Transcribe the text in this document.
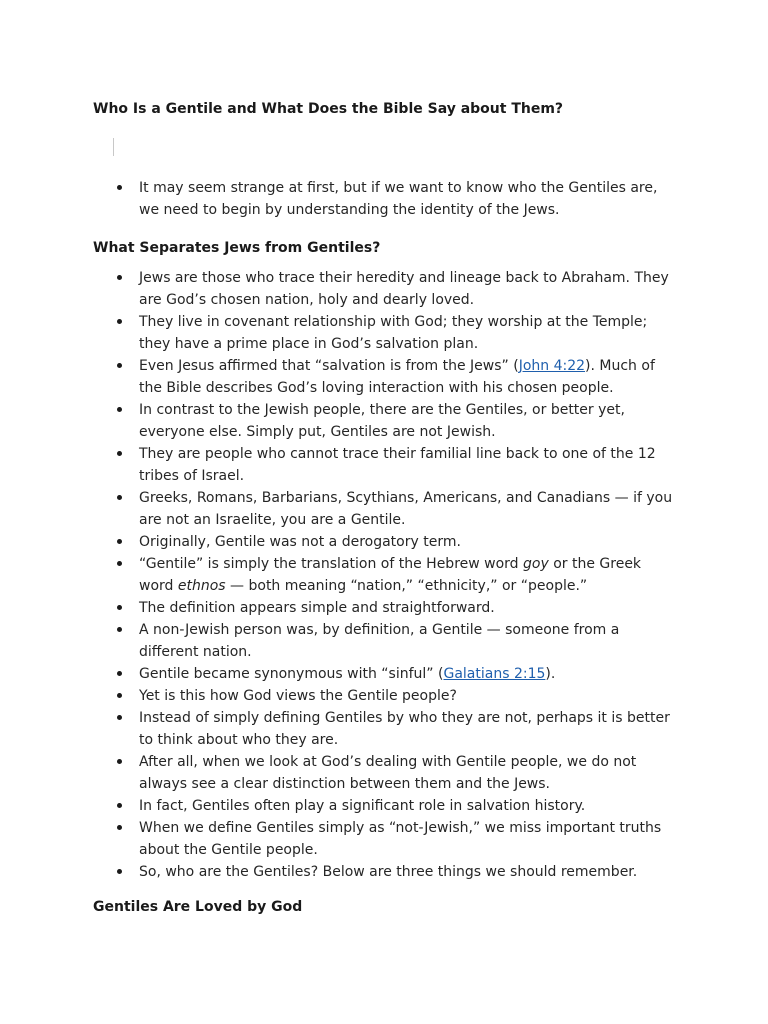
Who Is a Gentile and What Does the Bible Say about Them?
It may seem strange at first, but if we want to know who the Gentiles are, we need to begin by understanding the identity of the Jews.
What Separates Jews from Gentiles?
Jews are those who trace their heredity and lineage back to Abraham. They are God’s chosen nation, holy and dearly loved.
They live in covenant relationship with God; they worship at the Temple; they have a prime place in God’s salvation plan.
Even Jesus affirmed that “salvation is from the Jews” (John 4:22). Much of the Bible describes God’s loving interaction with his chosen people.
In contrast to the Jewish people, there are the Gentiles, or better yet, everyone else. Simply put, Gentiles are not Jewish.
They are people who cannot trace their familial line back to one of the 12 tribes of Israel.
Greeks, Romans, Barbarians, Scythians, Americans, and Canadians — if you are not an Israelite, you are a Gentile.
Originally, Gentile was not a derogatory term.
“Gentile” is simply the translation of the Hebrew word goy or the Greek word ethnos — both meaning “nation,” “ethnicity,” or “people.”
The definition appears simple and straightforward.
A non-Jewish person was, by definition, a Gentile — someone from a different nation.
Gentile became synonymous with “sinful” (Galatians 2:15).
Yet is this how God views the Gentile people?
Instead of simply defining Gentiles by who they are not, perhaps it is better to think about who they are.
After all, when we look at God’s dealing with Gentile people, we do not always see a clear distinction between them and the Jews.
In fact, Gentiles often play a significant role in salvation history.
When we define Gentiles simply as “not-Jewish,” we miss important truths about the Gentile people.
So, who are the Gentiles? Below are three things we should remember.
Gentiles Are Loved by God
